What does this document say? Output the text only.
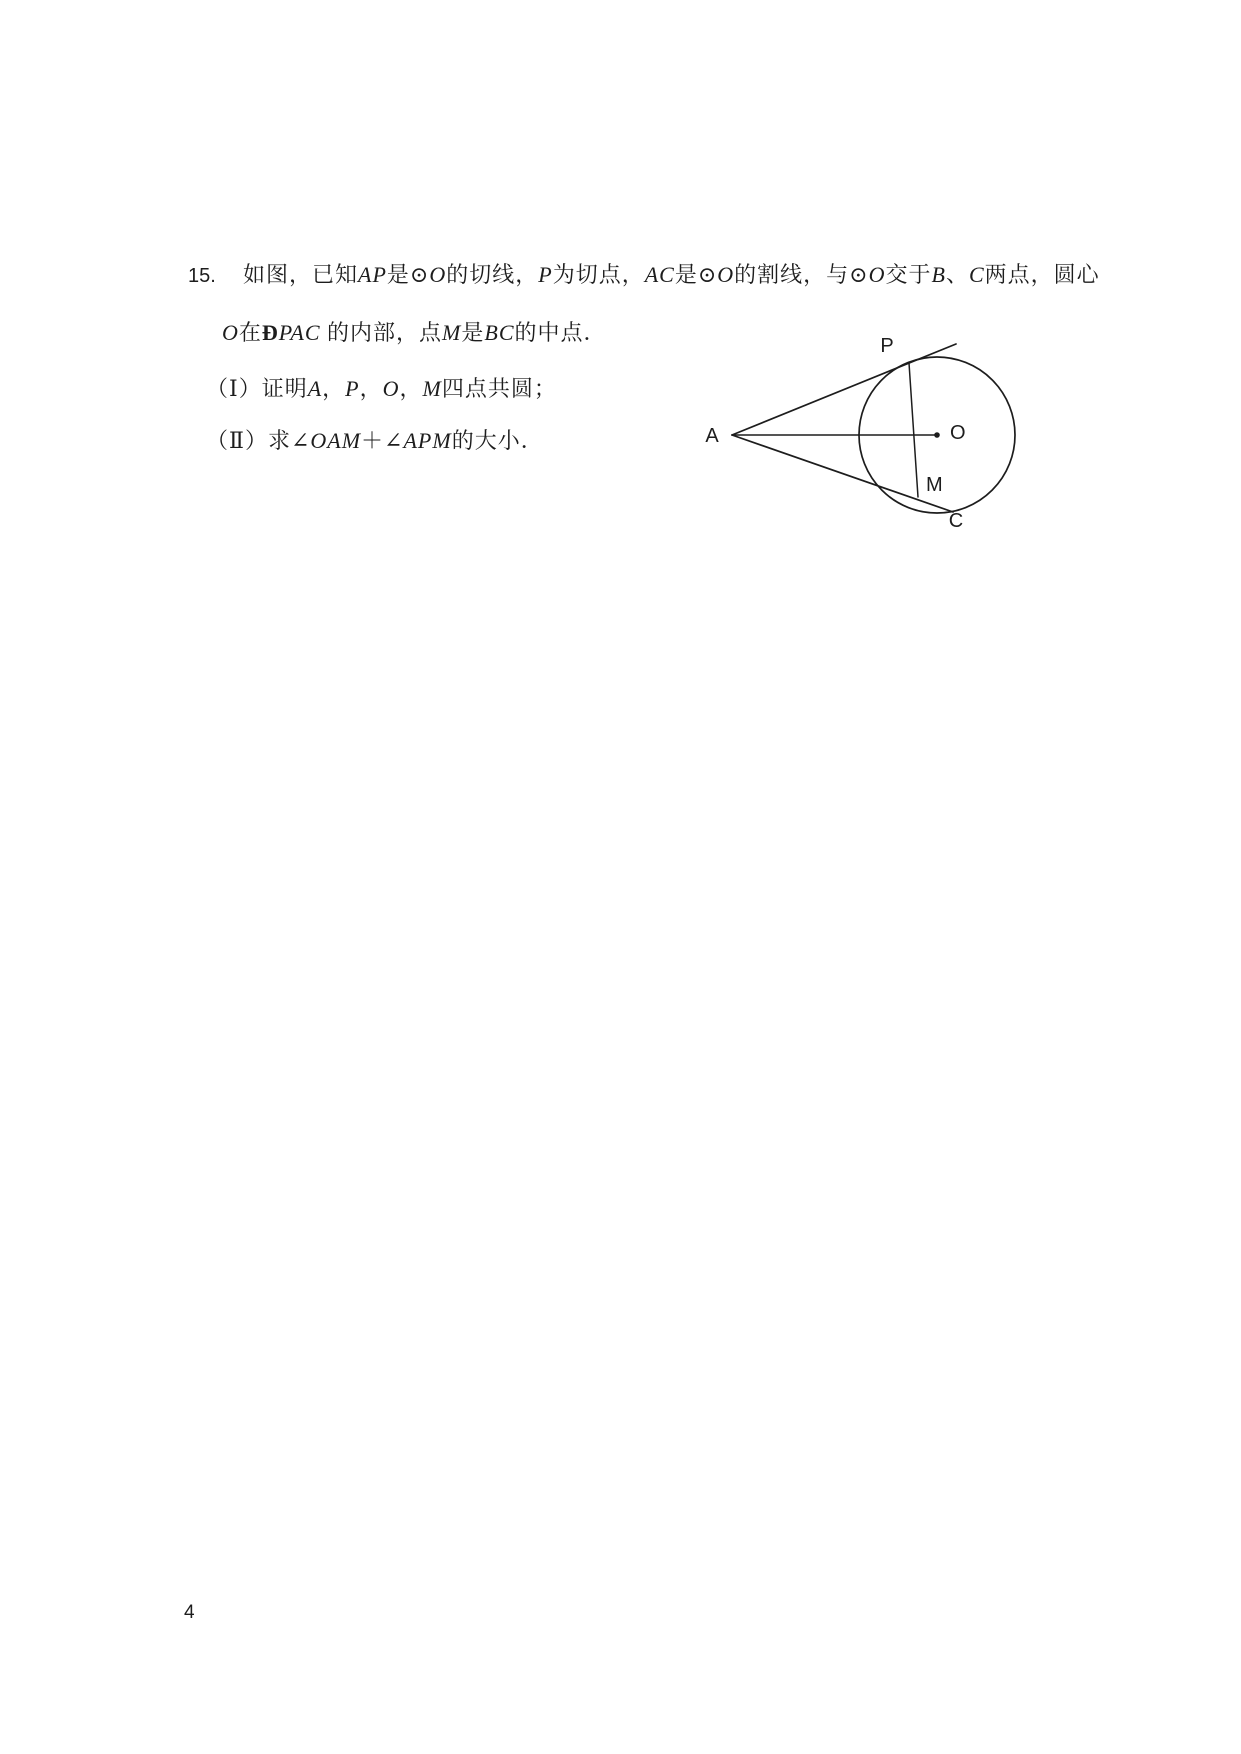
15. 如图，已知AP是⊙O的切线，P为切点，AC是⊙O的割线，与⊙O交于B、C两点，圆心
O在ÐPAC 的内部，点M是BC的中点．
（Ⅰ）证明A，P，O，M四点共圆；
（Ⅱ）求∠OAM＋∠APM的大小．
P
A	O
M
C
4
